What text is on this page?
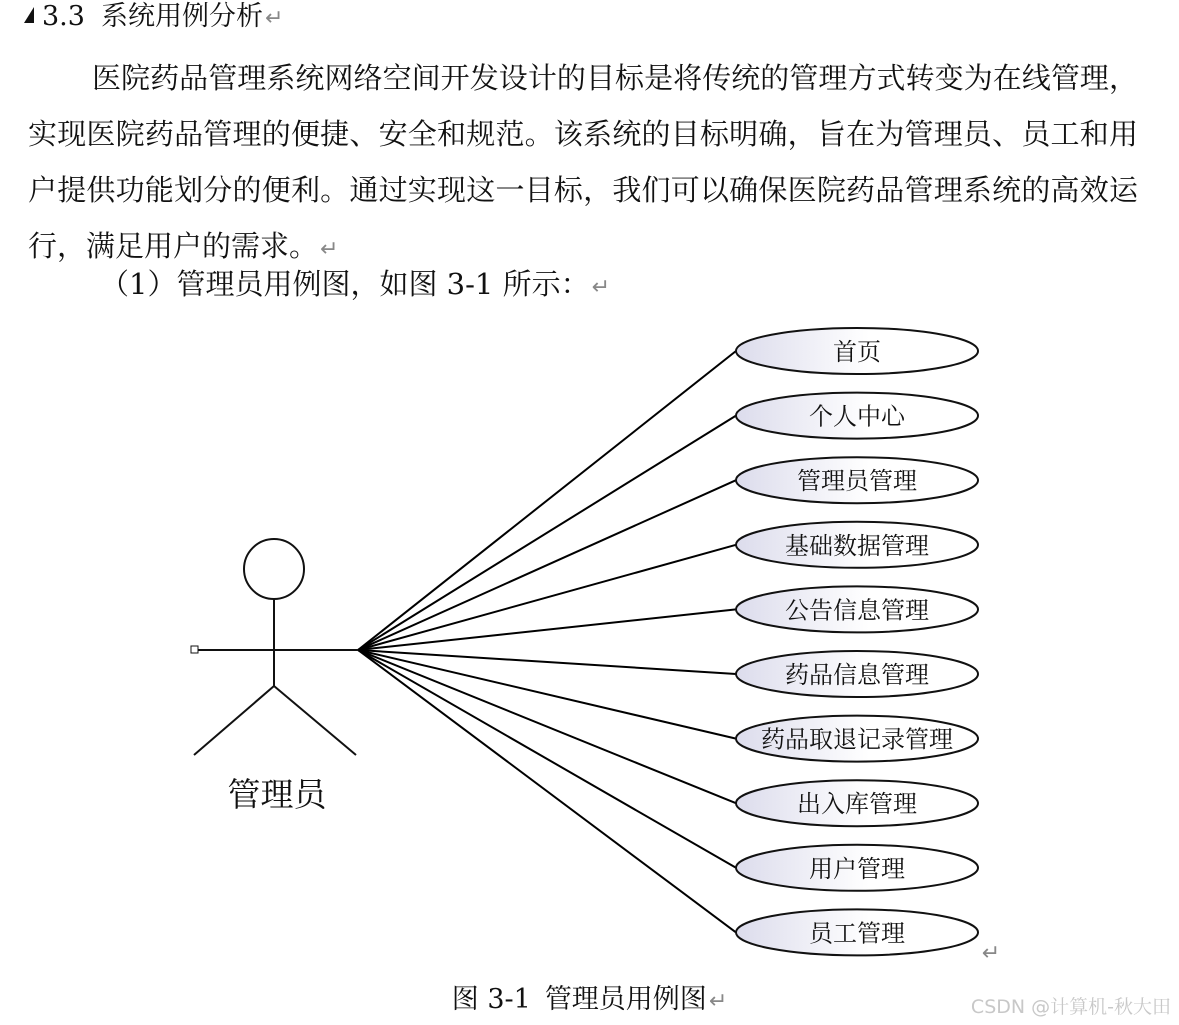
3.3 系统用例分析↵
医院药品管理系统网络空间开发设计的目标是将传统的管理方式转变为在线管理，实现医院药品管理的便捷、安全和规范。该系统的目标明确，旨在为管理员、员工和用户提供功能划分的便利。通过实现这一目标，我们可以确保医院药品管理系统的高效运行，满足用户的需求。↵
（1）管理员用例图，如图 3-1 所示：↵
管理员
首页
个人中心
管理员管理
基础数据管理
公告信息管理
药品信息管理
药品取退记录管理
出入库管理
用户管理
员工管理
↵
图 3-1 管理员用例图↵	CSDN @计算机-秋大田
